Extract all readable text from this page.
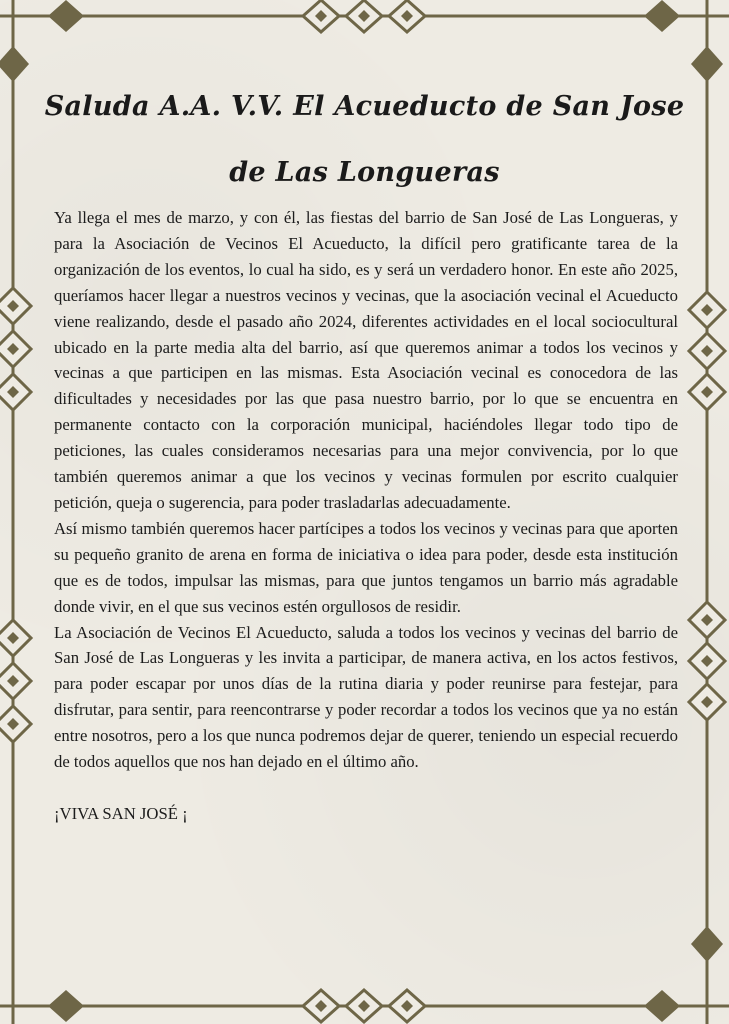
Saluda A.A. V.V. El Acueducto de San Jose de Las Longueras

Ya llega el mes de marzo, y con él, las fiestas del barrio de San José de Las Longueras, y para la Asociación de Vecinos El Acueducto, la difícil pero gratificante tarea de la organización de los eventos, lo cual ha sido, es y será un verdadero honor. En este año 2025, queríamos hacer llegar a nuestros vecinos y vecinas, que la asociación vecinal el Acueducto viene realizando, desde el pasado año 2024, diferentes actividades en el local sociocultural ubicado en la parte media alta del barrio, así que queremos animar a todos los vecinos y vecinas a que participen en las mismas. Esta Asociación vecinal es conocedora de las dificultades y necesidades por las que pasa nuestro barrio, por lo que se encuentra en permanente contacto con la corporación municipal, haciéndoles llegar todo tipo de peticiones, las cuales consideramos necesarias para una mejor convivencia, por lo que también queremos animar a que los vecinos y vecinas formulen por escrito cualquier petición, queja o sugerencia, para poder trasladarlas adecuadamente.

Así mismo también queremos hacer partícipes a todos los vecinos y vecinas para que aporten su pequeño granito de arena en forma de iniciativa o idea para poder, desde esta institución que es de todos, impulsar las mismas, para que juntos tengamos un barrio más agradable donde vivir, en el que sus vecinos estén orgullosos de residir.

La Asociación de Vecinos El Acueducto, saluda a todos los vecinos y vecinas del barrio de San José de Las Longueras y les invita a participar, de manera activa, en los actos festivos, para poder escapar por unos días de la rutina diaria y poder reunirse para festejar, para disfrutar, para sentir, para reencontrarse y poder recordar a todos los vecinos que ya no están entre nosotros, pero a los que nunca podremos dejar de querer, teniendo un especial recuerdo de todos aquellos que nos han dejado en el último año.

¡VIVA SAN JOSÉ ¡
